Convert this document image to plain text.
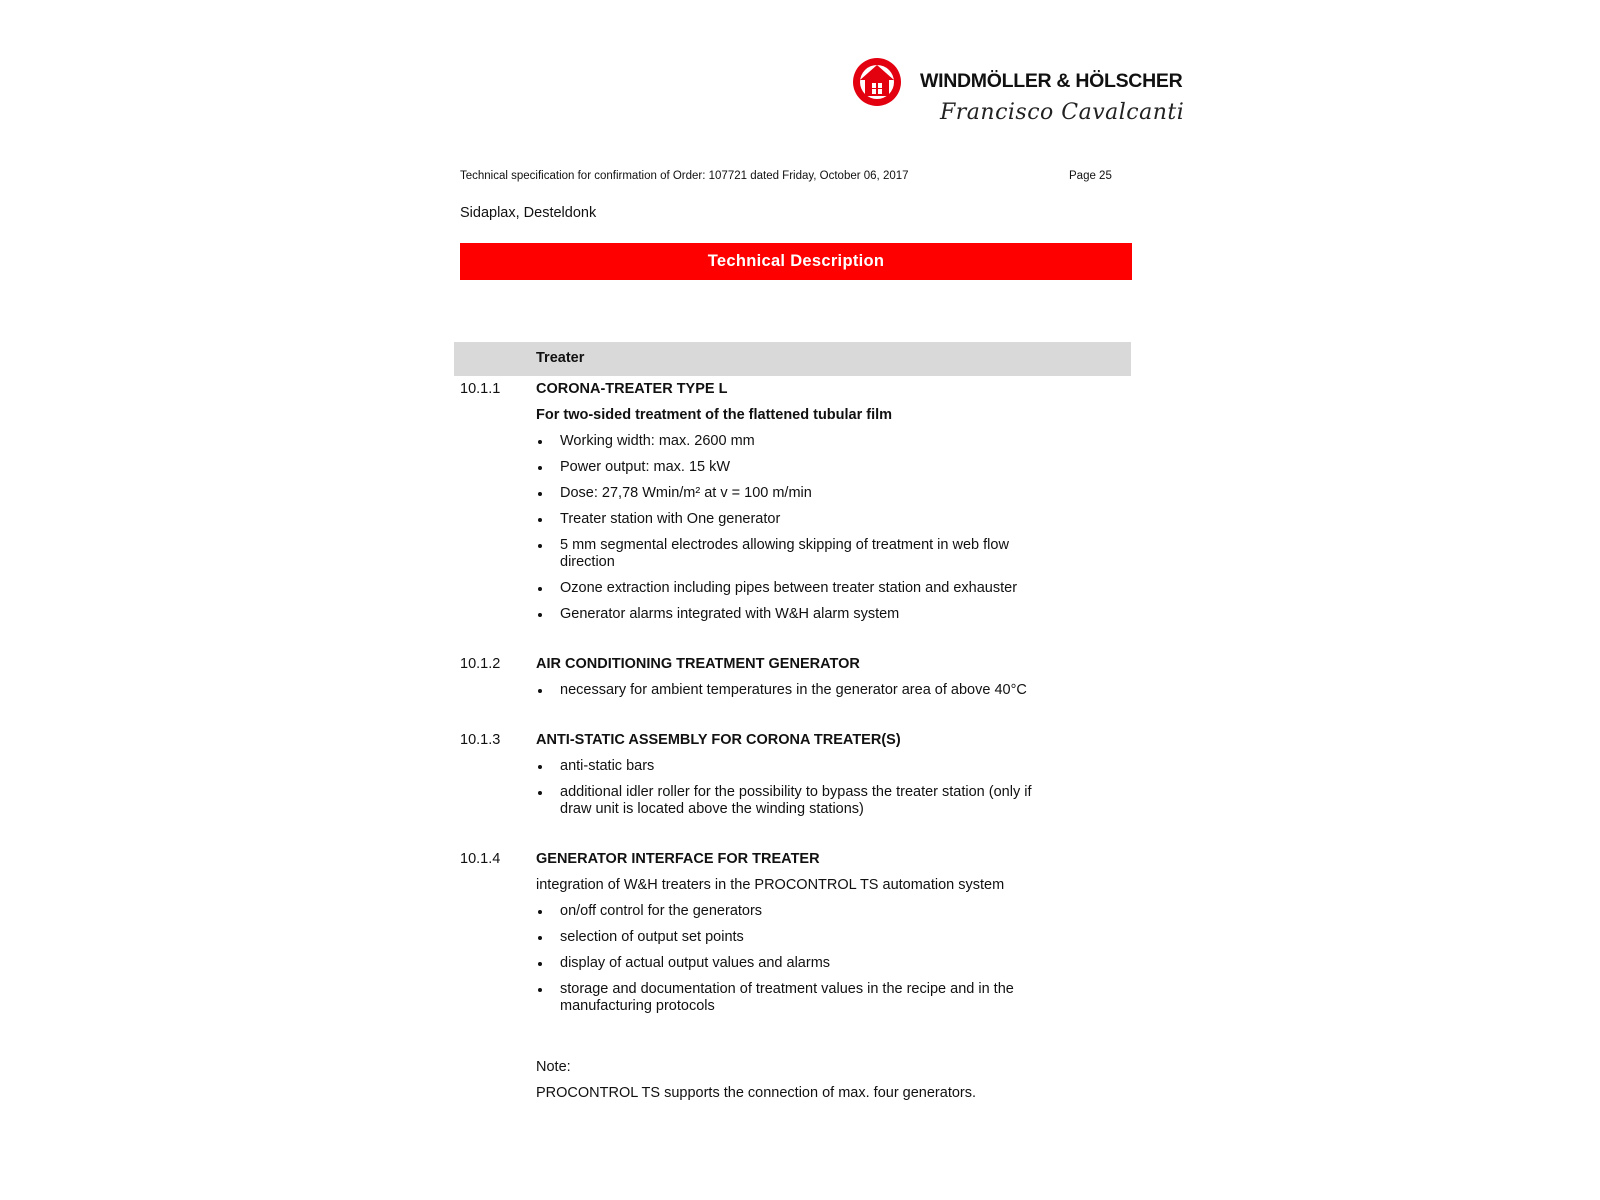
WINDMÖLLER & HÖLSCHER
Francisco Cavalcanti
Technical specification for confirmation of Order: 107721 dated Friday, October 06, 2017	Page 25
Sidaplax, Desteldonk
Technical Description
Treater
10.1.1 CORONA-TREATER TYPE L
For two-sided treatment of the flattened tubular film
Working width: max. 2600 mm
Power output: max. 15 kW
Dose: 27,78 Wmin/m² at v = 100 m/min
Treater station with One generator
5 mm segmental electrodes allowing skipping of treatment in web flow direction
Ozone extraction including pipes between treater station and exhauster
Generator alarms integrated with W&H alarm system
10.1.2 AIR CONDITIONING TREATMENT GENERATOR
necessary for ambient temperatures in the generator area of above 40°C
10.1.3 ANTI-STATIC ASSEMBLY FOR CORONA TREATER(S)
anti-static bars
additional idler roller for the possibility to bypass the treater station (only if draw unit is located above the winding stations)
10.1.4 GENERATOR INTERFACE FOR TREATER
integration of W&H treaters in the PROCONTROL TS automation system
on/off control for the generators
selection of output set points
display of actual output values and alarms
storage and documentation of treatment values in the recipe and in the manufacturing protocols
Note:
PROCONTROL TS supports the connection of max. four generators.
